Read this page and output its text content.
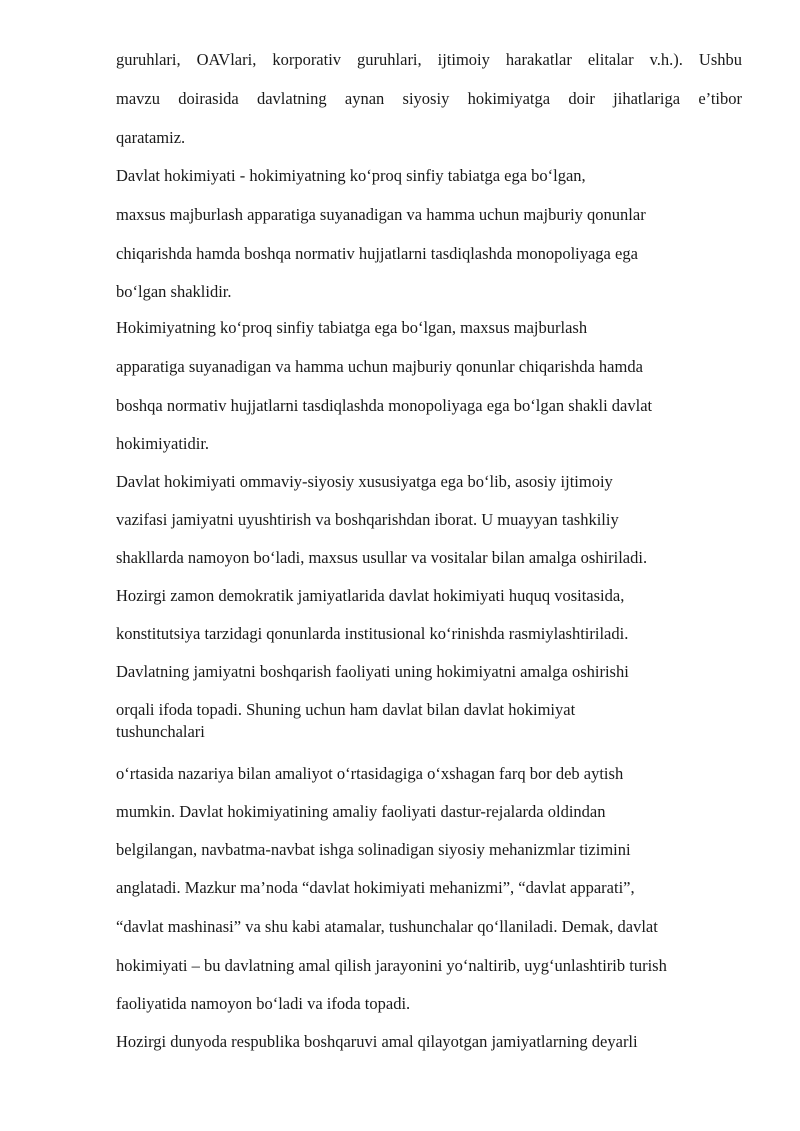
guruhlari, OAVlari, korporativ guruhlari, ijtimoiy harakatlar elitalar v.h.). Ushbu
mavzu doirasida davlatning aynan siyosiy hokimiyatga doir jihatlariga e’tibor
qaratamiz.
Davlat hokimiyati - hokimiyatning ko‘proq sinfiy tabiatga ega bo‘lgan,
maxsus majburlash apparatiga suyanadigan va hamma uchun majburiy qonunlar
chiqarishda hamda boshqa normativ hujjatlarni tasdiqlashda monopoliyaga ega
bo‘lgan shaklidir.
Hokimiyatning ko‘proq sinfiy tabiatga ega bo‘lgan, maxsus majburlash
apparatiga suyanadigan va hamma uchun majburiy qonunlar chiqarishda hamda
boshqa normativ hujjatlarni tasdiqlashda monopoliyaga ega bo‘lgan shakli davlat
hokimiyatidir.
Davlat hokimiyati ommaviy-siyosiy xususiyatga ega bo‘lib, asosiy ijtimoiy
vazifasi jamiyatni uyushtirish va boshqarishdan iborat. U muayyan tashkiliy
shakllarda namoyon bo‘ladi, maxsus usullar va vositalar bilan amalga oshiriladi.
Hozirgi zamon demokratik jamiyatlarida davlat hokimiyati huquq vositasida,
konstitutsiya tarzidagi qonunlarda institusional ko‘rinishda rasmiylashtiriladi.
Davlatning jamiyatni boshqarish faoliyati uning hokimiyatni amalga oshirishi
orqali ifoda topadi. Shuning uchun ham davlat bilan davlat hokimiyat
tushunchalari
o‘rtasida nazariya bilan amaliyot o‘rtasidagiga o‘xshagan farq bor deb aytish
mumkin. Davlat hokimiyatining amaliy faoliyati dastur-rejalarda oldindan
belgilangan, navbatma-navbat ishga solinadigan siyosiy mehanizmlar tizimini
anglatadi. Mazkur ma’noda “davlat hokimiyati mehanizmi”, “davlat apparati”,
“davlat mashinasi” va shu kabi atamalar, tushunchalar qo‘llaniladi. Demak, davlat
hokimiyati – bu davlatning amal qilish jarayonini yo‘naltirib, uyg‘unlashtirib turish
faoliyatida namoyon bo‘ladi va ifoda topadi.
Hozirgi dunyoda respublika boshqaruvi amal qilayotgan jamiyatlarning deyarli
